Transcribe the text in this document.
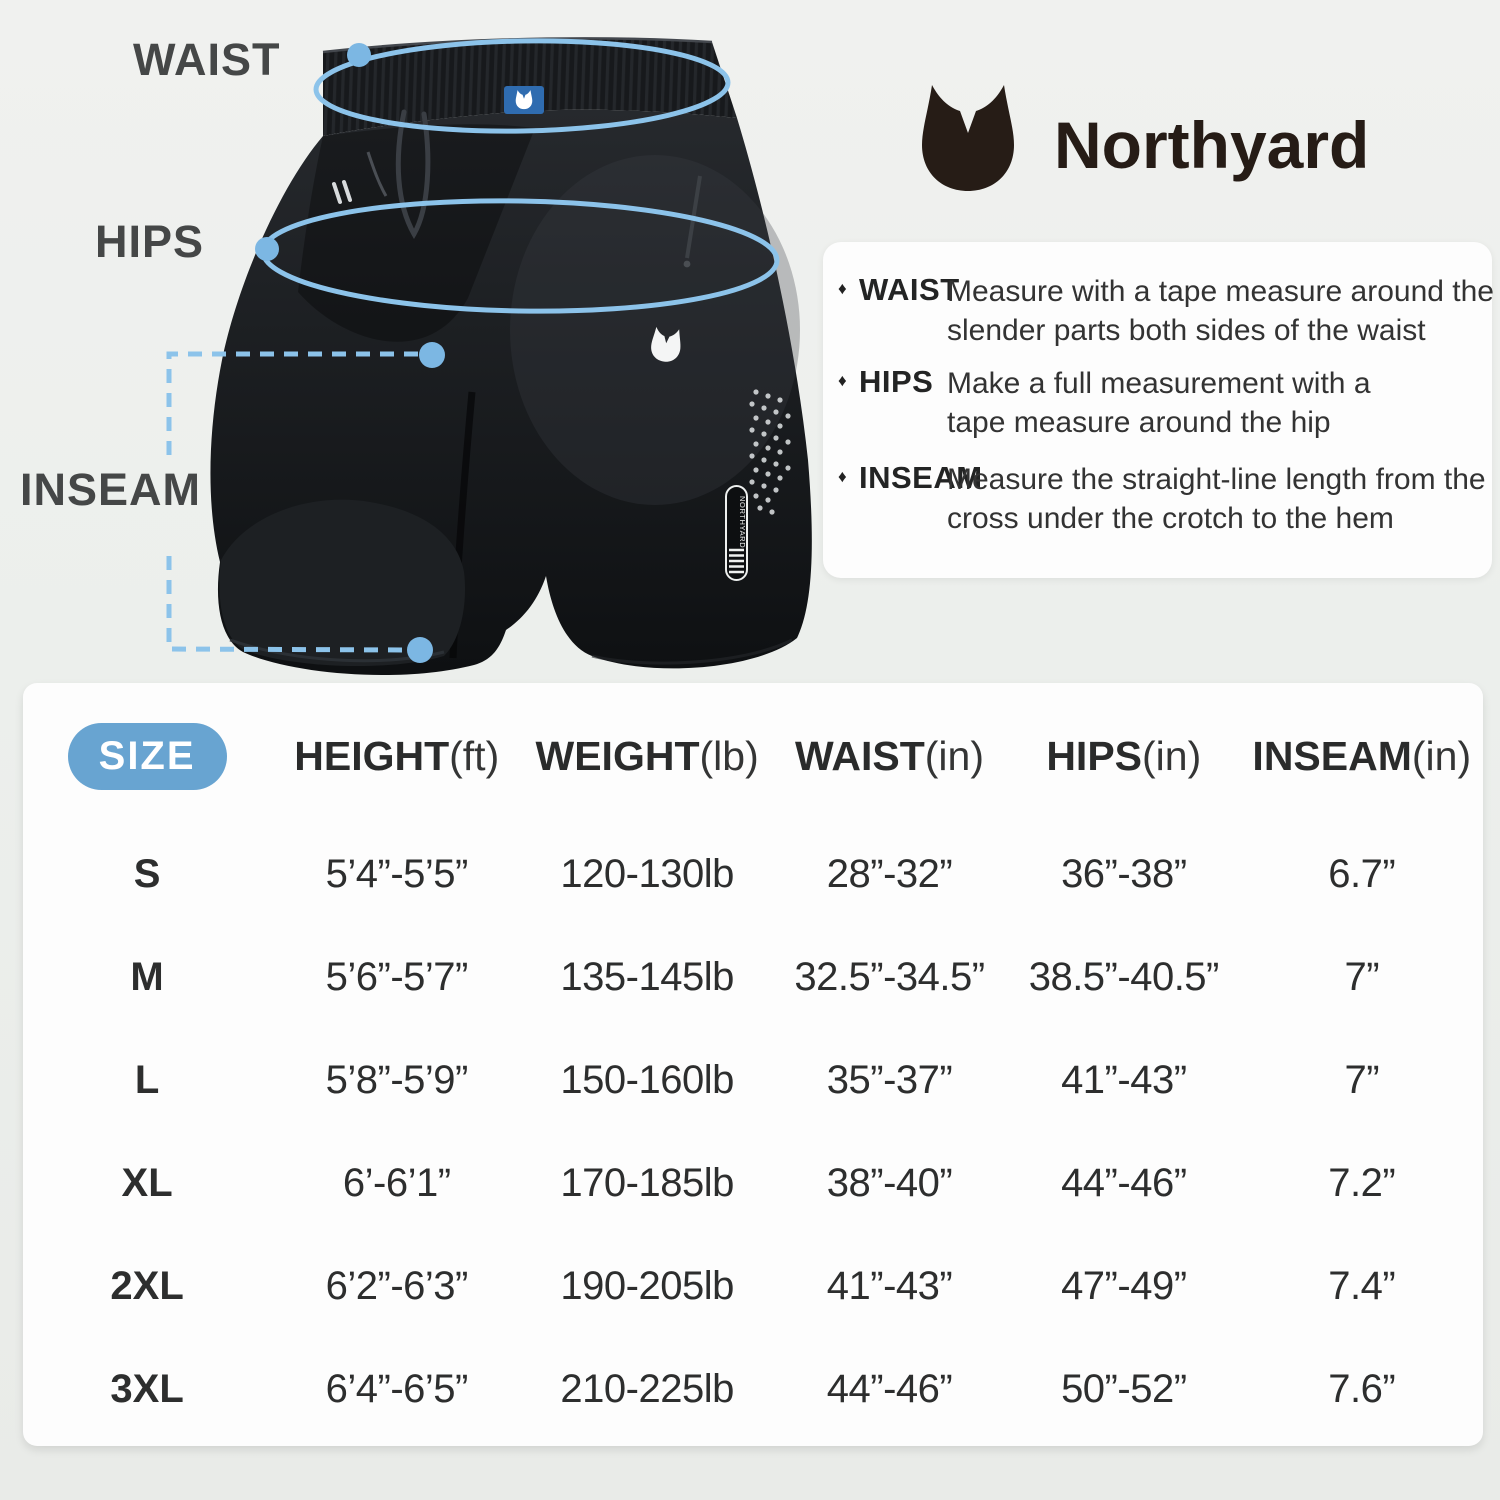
NORTHYARD
WAIST
HIPS
INSEAM
Northyard
♦ WAIST
Measure with a tape measure around the
slender parts both sides of the waist
♦ HIPS Make a full measurement with a
tape measure around the hip
♦ INSEAM
Measure the straight-line length from the
cross under the crotch to the hem
SIZE	HEIGHT(ft) WEIGHT(lb) WAIST(in)	HIPS(in)	INSEAM(in)
S	5’4”-5’5”	120-130lb	28”-32”	36”-38”	6.7”
M	5’6”-5’7”	135-145lb	32.5”-34.5”	38.5”-40.5”	7”
L	5’8”-5’9”	150-160lb	35”-37”	41”-43”	7”
XL	6’-6’1”	170-185lb	38”-40”	44”-46”	7.2”
2XL	6’2”-6’3”	190-205lb	41”-43”	47”-49”	7.4”
3XL	6’4”-6’5”	210-225lb	44”-46”	50”-52”	7.6”
